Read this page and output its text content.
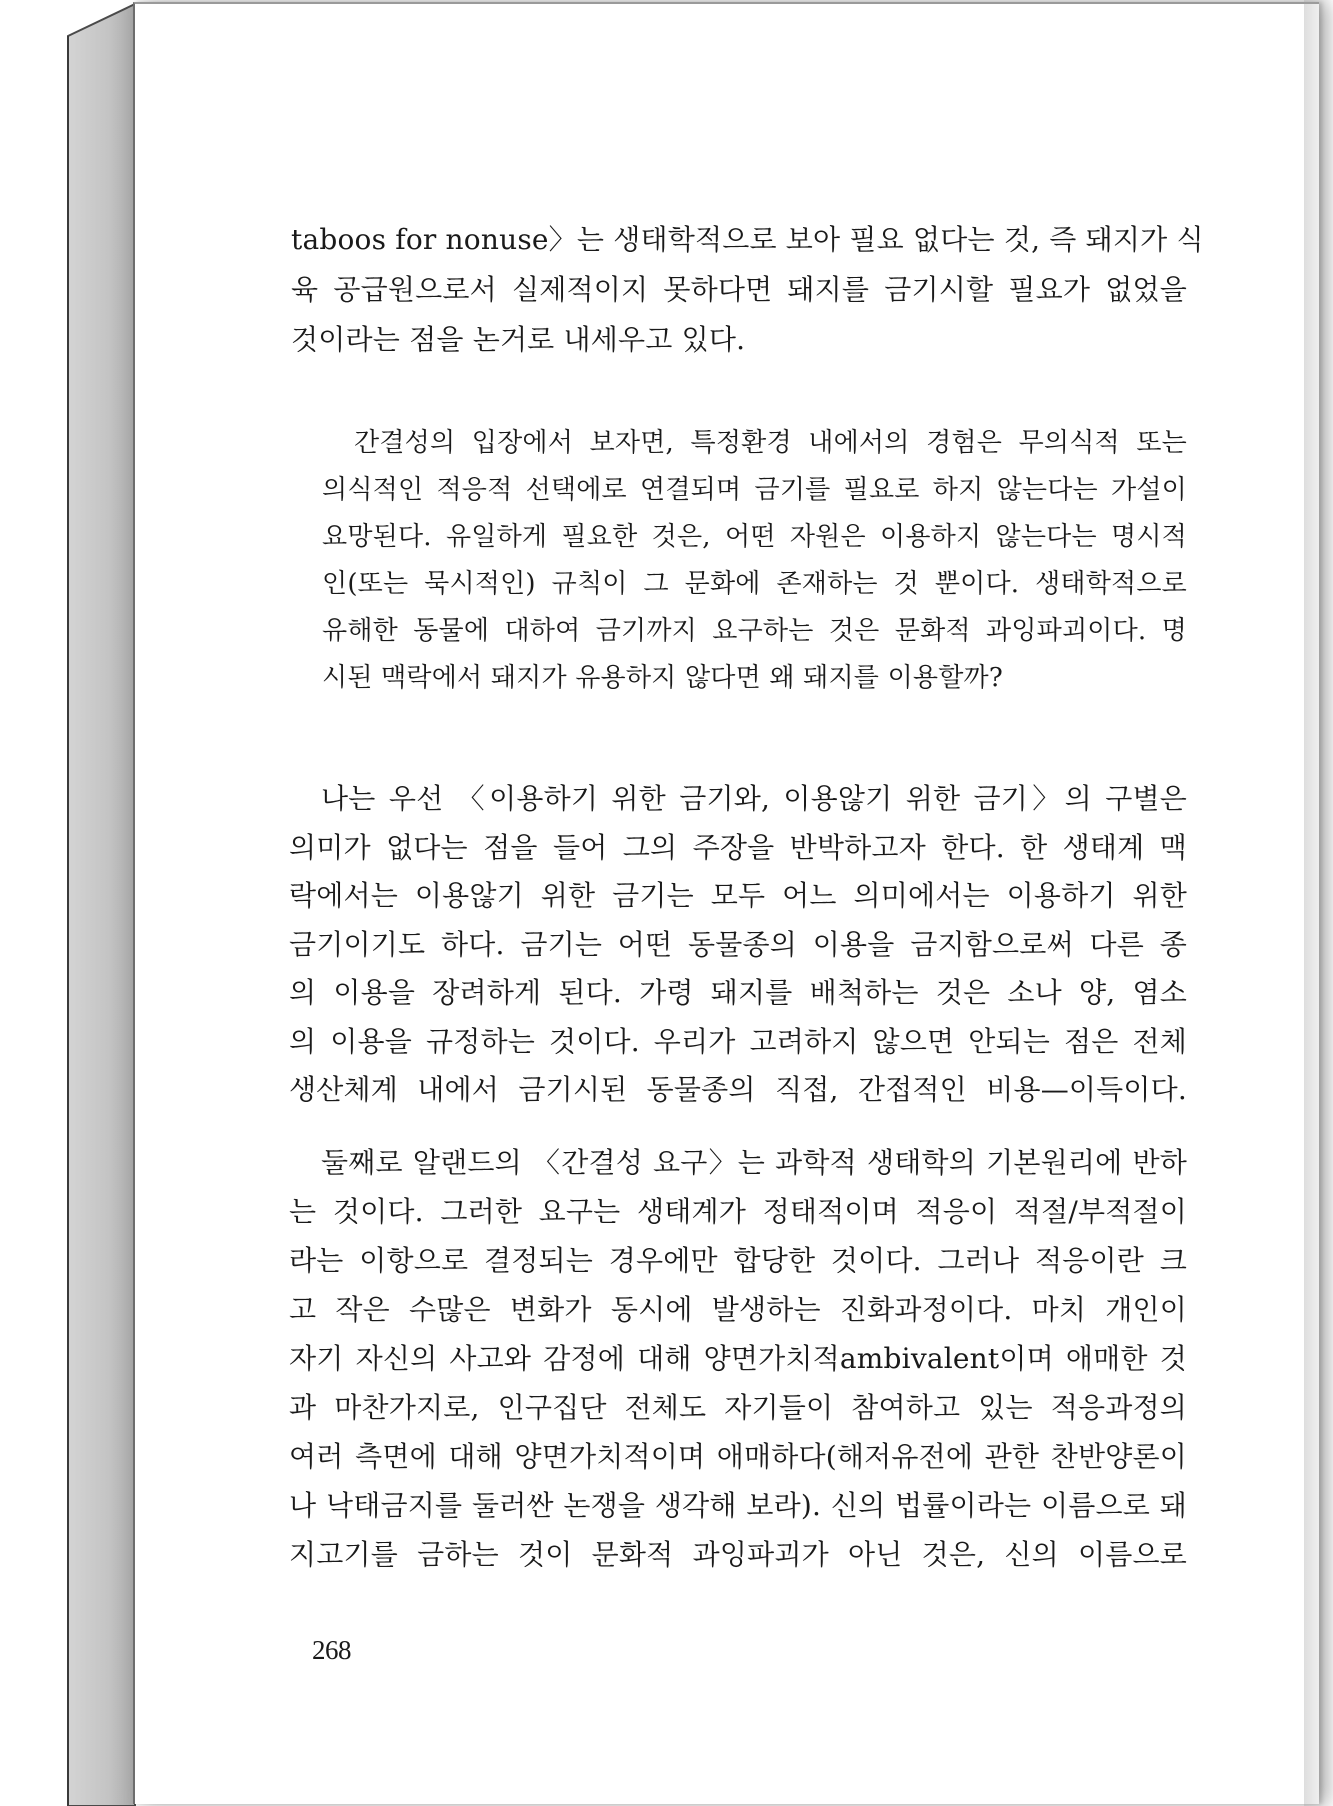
taboos for nonuse〉는 생태학적으로 보아 필요 없다는 것, 즉 돼지가 식
육 공급원으로서 실제적이지 못하다면 돼지를 금기시할 필요가 없었을
것이라는 점을 논거로 내세우고 있다.
간결성의 입장에서 보자면, 특정환경 내에서의 경험은 무의식적 또는
의식적인 적응적 선택에로 연결되며 금기를 필요로 하지 않는다는 가설이
요망된다. 유일하게 필요한 것은, 어떤 자원은 이용하지 않는다는 명시적
인(또는 묵시적인) 규칙이 그 문화에 존재하는 것 뿐이다. 생태학적으로
유해한 동물에 대하여 금기까지 요구하는 것은 문화적 과잉파괴이다. 명
시된 맥락에서 돼지가 유용하지 않다면 왜 돼지를 이용할까?
나는 우선 〈이용하기 위한 금기와, 이용않기 위한 금기〉의 구별은
의미가 없다는 점을 들어 그의 주장을 반박하고자 한다. 한 생태계 맥
락에서는 이용않기 위한 금기는 모두 어느 의미에서는 이용하기 위한
금기이기도 하다. 금기는 어떤 동물종의 이용을 금지함으로써 다른 종
의 이용을 장려하게 된다. 가령 돼지를 배척하는 것은 소나 양, 염소
의 이용을 규정하는 것이다. 우리가 고려하지 않으면 안되는 점은 전체
생산체계 내에서 금기시된 동물종의 직접, 간접적인 비용—이득이다.
둘째로 알랜드의 〈간결성 요구〉는 과학적 생태학의 기본원리에 반하
는 것이다. 그러한 요구는 생태계가 정태적이며 적응이 적절/부적절이
라는 이항으로 결정되는 경우에만 합당한 것이다. 그러나 적응이란 크
고 작은 수많은 변화가 동시에 발생하는 진화과정이다. 마치 개인이
자기 자신의 사고와 감정에 대해 양면가치적ambivalent이며 애매한 것
과 마찬가지로, 인구집단 전체도 자기들이 참여하고 있는 적응과정의
여러 측면에 대해 양면가치적이며 애매하다(해저유전에 관한 찬반양론이
나 낙태금지를 둘러싼 논쟁을 생각해 보라). 신의 법률이라는 이름으로 돼
지고기를 금하는 것이 문화적 과잉파괴가 아닌 것은, 신의 이름으로
268
